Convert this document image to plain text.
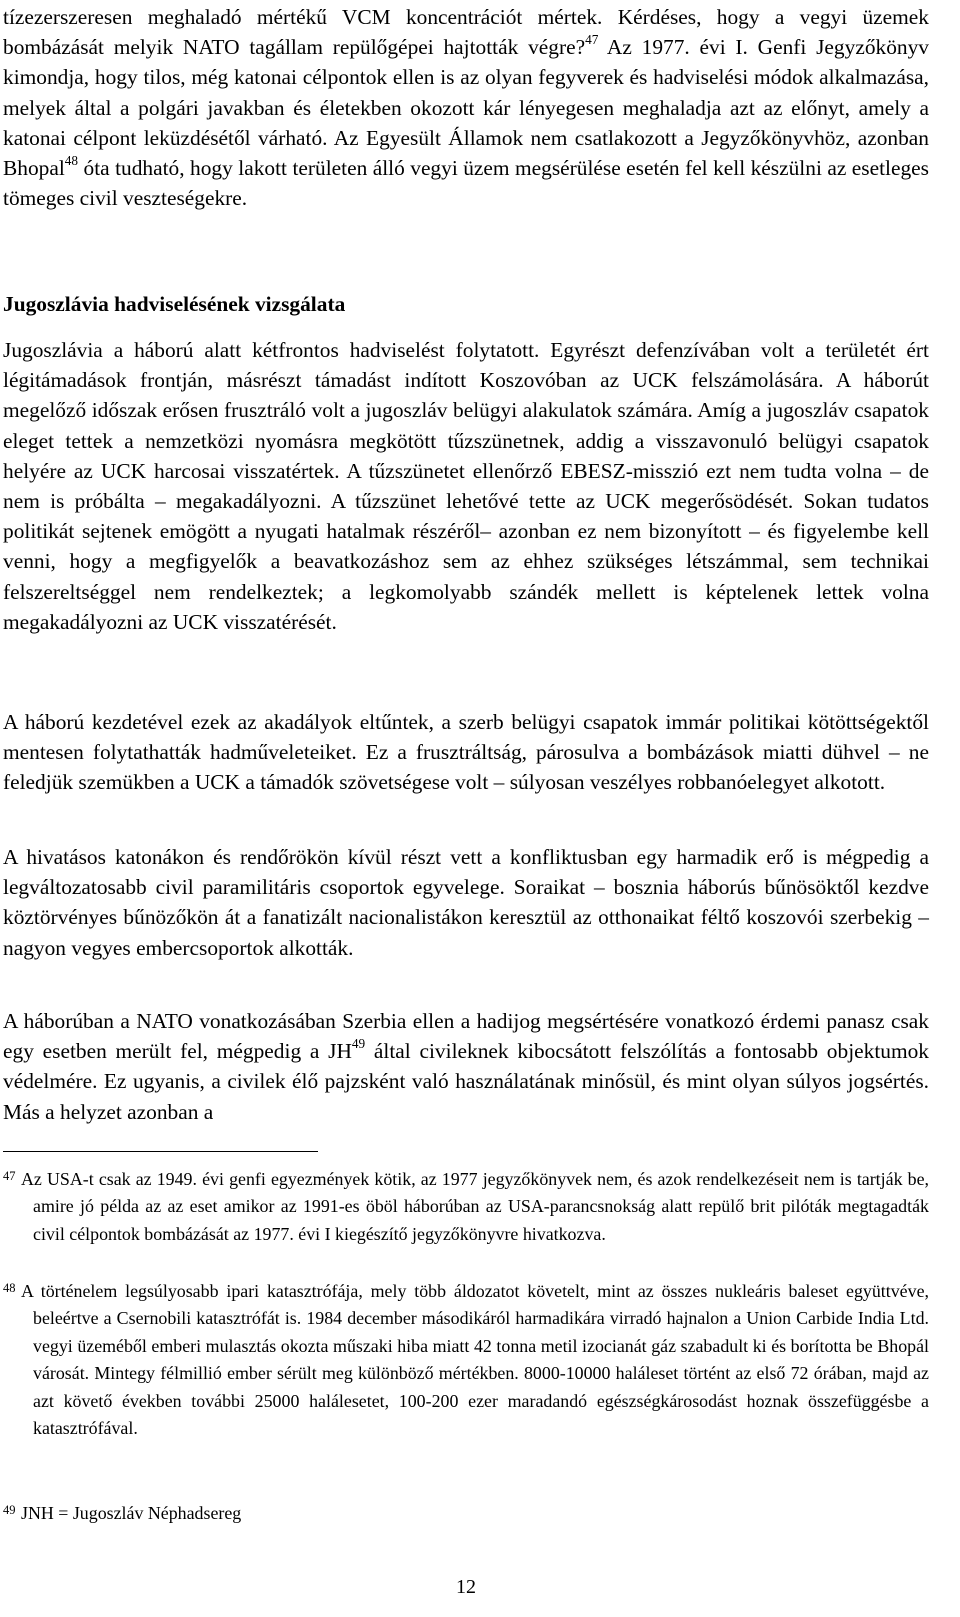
tízezerszeresen meghaladó mértékű VCM koncentrációt mértek. Kérdéses, hogy a vegyi üzemek bombázását melyik NATO tagállam repülőgépei hajtották végre?$^{47}$ Az 1977. évi I. Genfi Jegyzőkönyv kimondja, hogy tilos, még katonai célpontok ellen is az olyan fegyverek és hadviselési módok alkalmazása, melyek által a polgári javakban és életekben okozott kár lényegesen meghaladja azt az előnyt, amely a katonai célpont leküzdésétől várható. Az Egyesült Államok nem csatlakozott a Jegyzőkönyvhöz, azonban Bhopal$^{48}$ óta tudható, hogy lakott területen álló vegyi üzem megsérülése esetén fel kell készülni az esetleges tömeges civil veszteségekre.

Jugoszlávia hadviselésének vizsgálata

Jugoszlávia a háború alatt kétfrontos hadviselést folytatott. Egyrészt defenzívában volt a területét ért légitámadások frontján, másrészt támadást indított Koszovóban az UCK felszámolására. A háborút megelőző időszak erősen frusztráló volt a jugoszláv belügyi alakulatok számára. Amíg a jugoszláv csapatok eleget tettek a nemzetközi nyomásra megkötött tűzszünetnek, addig a visszavonuló belügyi csapatok helyére az UCK harcosai visszatértek. A tűzszünetet ellenőrző EBESZ-misszió ezt nem tudta volna – de nem is próbálta – megakadályozni. A tűzszünet lehetővé tette az UCK megerősödését. Sokan tudatos politikát sejtenek emögött a nyugati hatalmak részéről– azonban ez nem bizonyított – és figyelembe kell venni, hogy a megfigyelők a beavatkozáshoz sem az ehhez szükséges létszámmal, sem technikai felszereltséggel nem rendelkeztek; a legkomolyabb szándék mellett is képtelenek lettek volna megakadályozni az UCK visszatérését.

A háború kezdetével ezek az akadályok eltűntek, a szerb belügyi csapatok immár politikai kötöttségektől mentesen folytathatták hadműveleteiket. Ez a frusztráltság, párosulva a bombázások miatti dühvel – ne feledjük szemükben a UCK a támadók szövetségese volt – súlyosan veszélyes robbanóelegyet alkotott.

A hivatásos katonákon és rendőrökön kívül részt vett a konfliktusban egy harmadik erő is mégpedig a legváltozatosabb civil paramilitáris csoportok egyvelege. Soraikat – bosznia háborús bűnösöktől kezdve köztörvényes bűnözőkön át a fanatizált nacionalistákon keresztül az otthonaikat féltő koszovói szerbekig – nagyon vegyes embercsoportok alkották.

A háborúban a NATO vonatkozásában Szerbia ellen a hadijog megsértésére vonatkozó érdemi panasz csak egy esetben merült fel, mégpedig a JH$^{49}$ által civileknek kibocsátott felszólítás a fontosabb objektumok védelmére. Ez ugyanis, a civilek élő pajzsként való használatának minősül, és mint olyan súlyos jogsértés. Más a helyzet azonban a

47 Az USA-t csak az 1949. évi genfi egyezmények kötik, az 1977 jegyzőkönyvek nem, és azok rendelkezéseit nem is tartják be, amire jó példa az az eset amikor az 1991-es öböl háborúban az USA-parancsnokság alatt repülő brit pilóták megtagadták civil célpontok bombázását az 1977. évi I kiegészítő jegyzőkönyvre hivatkozva.
48 A történelem legsúlyosabb ipari katasztrófája, mely több áldozatot követelt, mint az összes nukleáris baleset együttvéve, beleértve a Csernobili katasztrófát is. 1984 december másodikáról harmadikára virradó hajnalon a Union Carbide India Ltd. vegyi üzeméből emberi mulasztás okozta műszaki hiba miatt 42 tonna metil izocianát gáz szabadult ki és borította be Bhopál városát. Mintegy félmillió ember sérült meg különböző mértékben. 8000-10000 haláleset történt az első 72 órában, majd az azt követő években további 25000 halálesetet, 100-200 ezer maradandó egészségkárosodást hoznak összefüggésbe a katasztrófával.
49 JNH = Jugoszláv Néphadsereg
12
